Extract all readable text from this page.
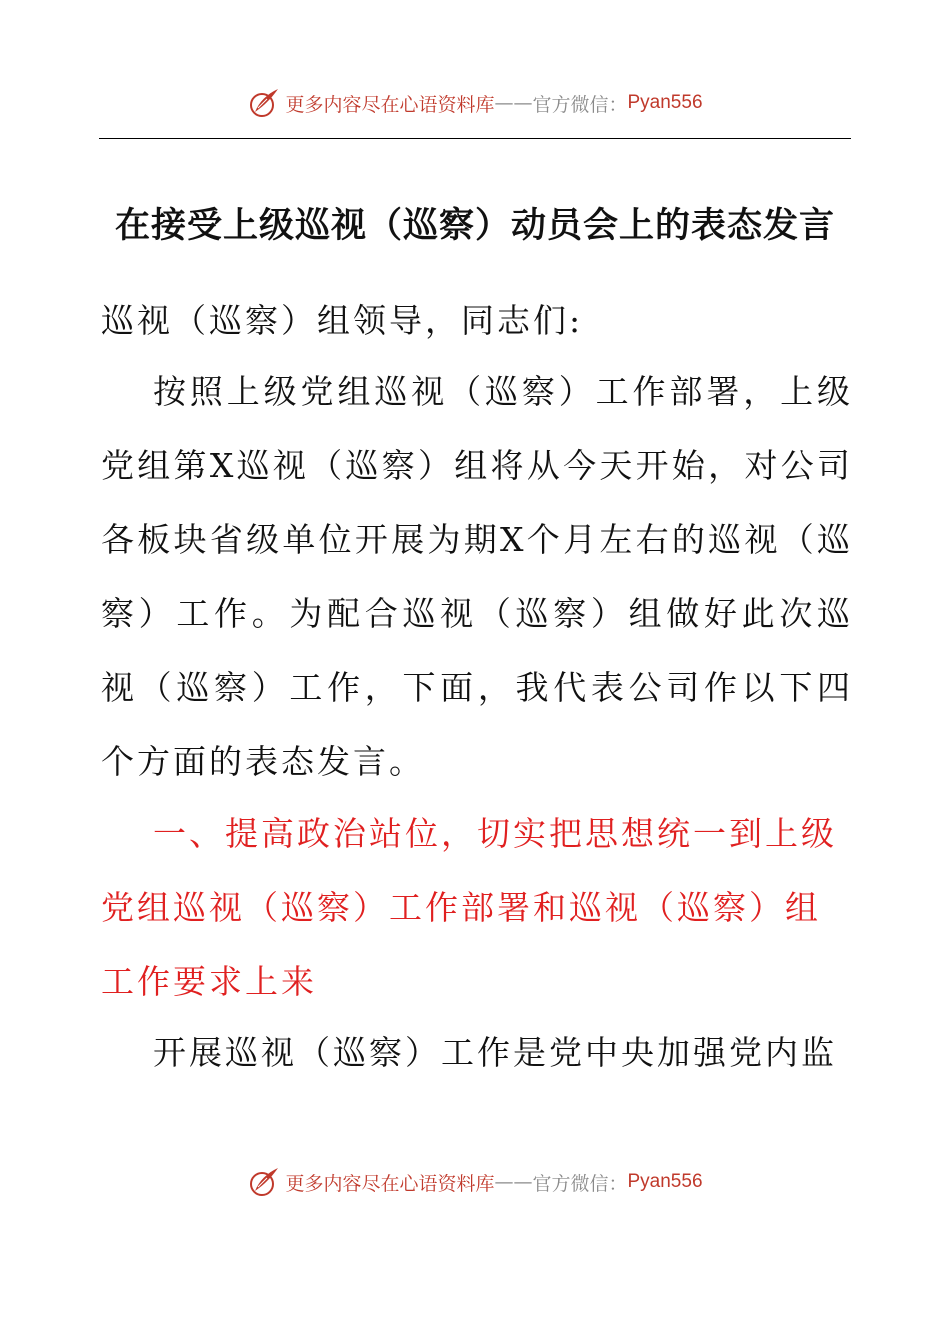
更多内容尽在心语资料库 —— 官方微信： Pyan556
在接受上级巡视（巡察）动员会上的表态发言
巡视（巡察）组领导，同志们:
按照上级党组巡视（巡察）工作部署，上级党组第X巡视（巡察）组将从今天开始，对公司各板块省级单位开展为期X个月左右的巡视（巡察）工作。为配合巡视（巡察）组做好此次巡视（巡察）工作，下面，我代表公司作以下四个方面的表态发言。
一、提高政治站位，切实把思想统一到上级党组巡视（巡察）工作部署和巡视（巡察）组工作要求上来
开展巡视（巡察）工作是党中央加强党内监
更多内容尽在心语资料库 —— 官方微信： Pyan556
